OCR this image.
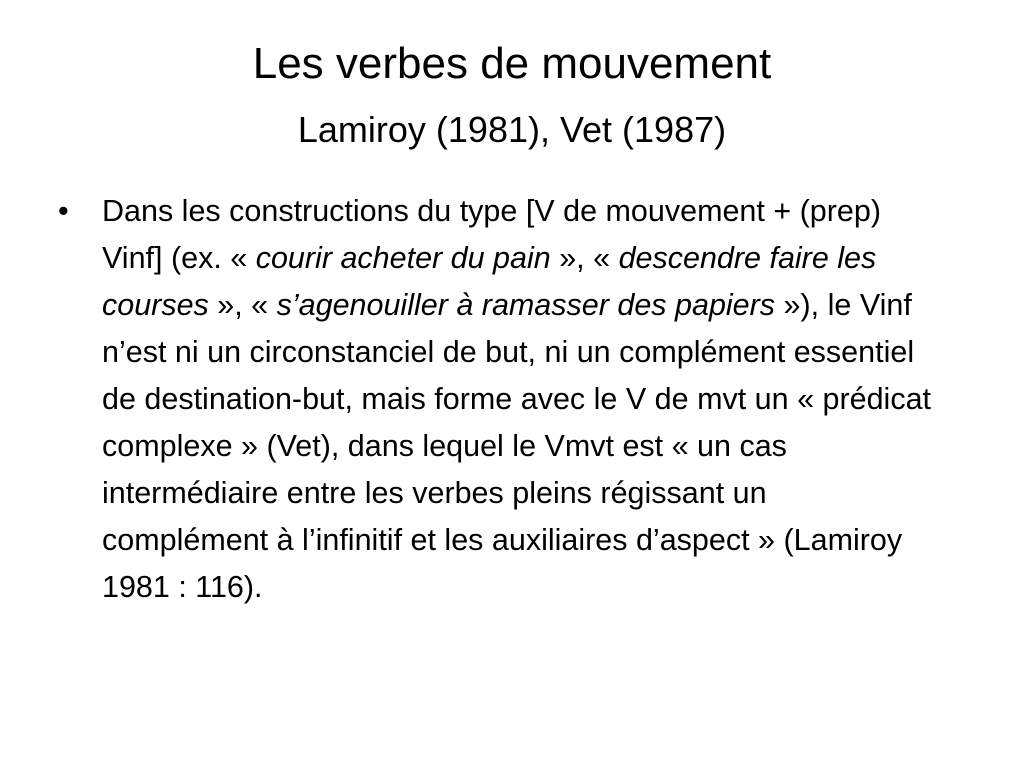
Les verbes de mouvement
Lamiroy (1981), Vet (1987)
•	Dans les constructions du type [V de mouvement + (prep) Vinf] (ex. « courir acheter du pain », « descendre faire les courses », « s’agenouiller à ramasser des papiers »), le Vinf n’est ni un circonstanciel de but, ni un complément essentiel de destination-but, mais forme avec le V de mvt un « prédicat complexe » (Vet), dans lequel le Vmvt est « un cas intermédiaire entre les verbes pleins régissant un complément à l’infinitif et les auxiliaires d’aspect » (Lamiroy 1981 : 116).
